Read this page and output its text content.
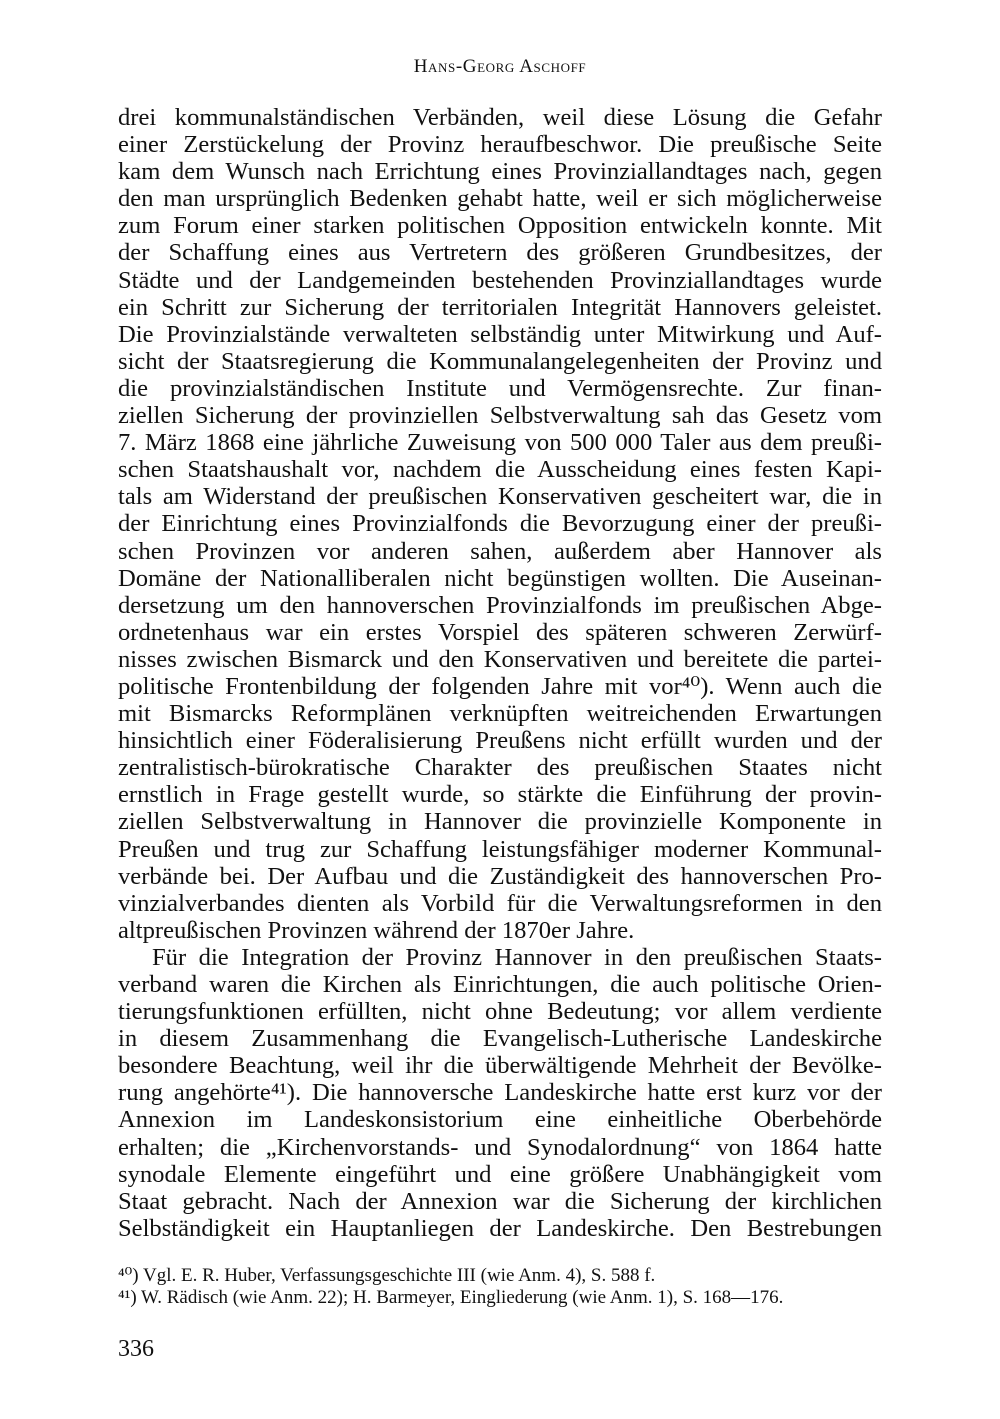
Hans-Georg Aschoff

drei kommunalständischen Verbänden, weil diese Lösung die Gefahr
einer Zerstückelung der Provinz heraufbeschwor. Die preußische Seite
kam dem Wunsch nach Errichtung eines Provinziallandtages nach, gegen
den man ursprünglich Bedenken gehabt hatte, weil er sich möglicherweise
zum Forum einer starken politischen Opposition entwickeln konnte. Mit
der Schaffung eines aus Vertretern des größeren Grundbesitzes, der
Städte und der Landgemeinden bestehenden Provinziallandtages wurde
ein Schritt zur Sicherung der territorialen Integrität Hannovers geleistet.
Die Provinzialstände verwalteten selbständig unter Mitwirkung und Auf-
sicht der Staatsregierung die Kommunalangelegenheiten der Provinz und
die provinzialständischen Institute und Vermögensrechte. Zur finan-
ziellen Sicherung der provinziellen Selbstverwaltung sah das Gesetz vom
7. März 1868 eine jährliche Zuweisung von 500 000 Taler aus dem preußi-
schen Staatshaushalt vor, nachdem die Ausscheidung eines festen Kapi-
tals am Widerstand der preußischen Konservativen gescheitert war, die in
der Einrichtung eines Provinzialfonds die Bevorzugung einer der preußi-
schen Provinzen vor anderen sahen, außerdem aber Hannover als
Domäne der Nationalliberalen nicht begünstigen wollten. Die Auseinan-
dersetzung um den hannoverschen Provinzialfonds im preußischen Abge-
ordnetenhaus war ein erstes Vorspiel des späteren schweren Zerwürf-
nisses zwischen Bismarck und den Konservativen und bereitete die partei-
politische Frontenbildung der folgenden Jahre mit vor⁴⁰). Wenn auch die
mit Bismarcks Reformplänen verknüpften weitreichenden Erwartungen
hinsichtlich einer Föderalisierung Preußens nicht erfüllt wurden und der
zentralistisch-bürokratische Charakter des preußischen Staates nicht
ernstlich in Frage gestellt wurde, so stärkte die Einführung der provin-
ziellen Selbstverwaltung in Hannover die provinzielle Komponente in
Preußen und trug zur Schaffung leistungsfähiger moderner Kommunal-
verbände bei. Der Aufbau und die Zuständigkeit des hannoverschen Pro-
vinzialverbandes dienten als Vorbild für die Verwaltungsreformen in den
altpreußischen Provinzen während der 1870er Jahre.

Für die Integration der Provinz Hannover in den preußischen Staats-
verband waren die Kirchen als Einrichtungen, die auch politische Orien-
tierungsfunktionen erfüllten, nicht ohne Bedeutung; vor allem verdiente
in diesem Zusammenhang die Evangelisch-Lutherische Landeskirche
besondere Beachtung, weil ihr die überwältigende Mehrheit der Bevölke-
rung angehörte⁴¹). Die hannoversche Landeskirche hatte erst kurz vor der
Annexion im Landeskonsistorium eine einheitliche Oberbehörde
erhalten; die „Kirchenvorstands- und Synodalordnung“ von 1864 hatte
synodale Elemente eingeführt und eine größere Unabhängigkeit vom
Staat gebracht. Nach der Annexion war die Sicherung der kirchlichen
Selbständigkeit ein Hauptanliegen der Landeskirche. Den Bestrebungen

⁴⁰) Vgl. E. R. Huber, Verfassungsgeschichte III (wie Anm. 4), S. 588 f.
⁴¹) W. Rädisch (wie Anm. 22); H. Barmeyer, Eingliederung (wie Anm. 1), S. 168—176.
336
